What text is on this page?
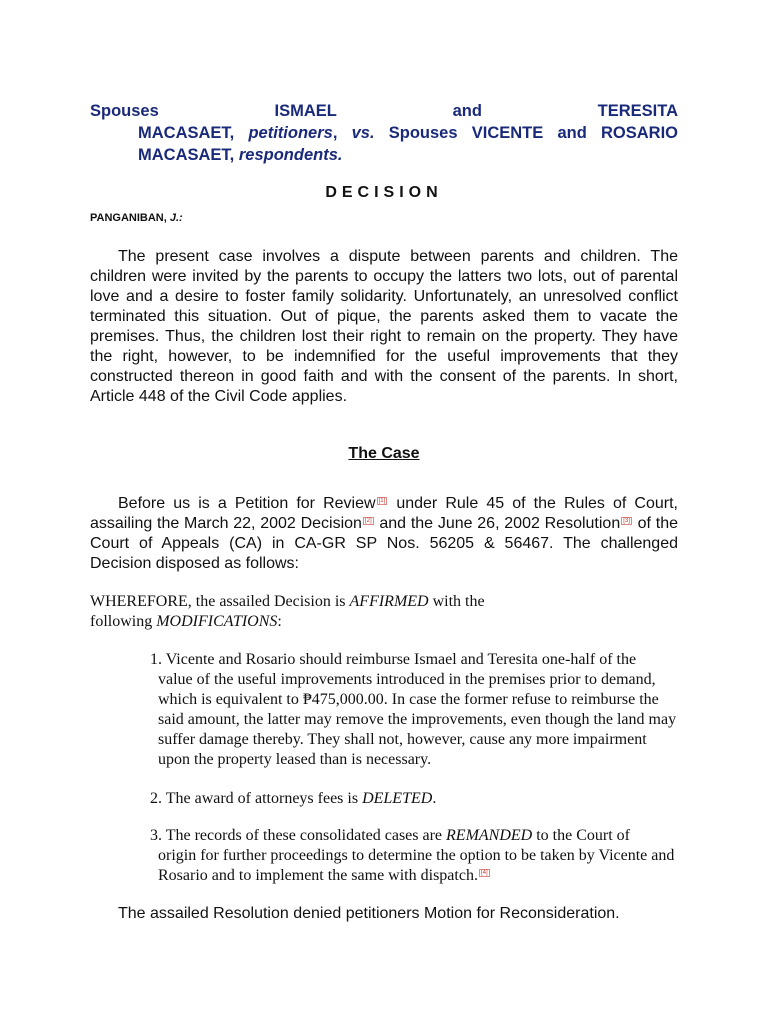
Spouses	ISMAEL	and	TERESITA
MACASAET, petitioners, vs. Spouses VICENTE and ROSARIO
MACASAET, respondents.
DECISION
PANGANIBAN, J.:
The present case involves a dispute between parents and children. The children were invited by the parents to occupy the latters two lots, out of parental love and a desire to foster family solidarity. Unfortunately, an unresolved conflict terminated this situation. Out of pique, the parents asked them to vacate the premises. Thus, the children lost their right to remain on the property. They have the right, however, to be indemnified for the useful improvements that they constructed thereon in good faith and with the consent of the parents. In short, Article 448 of the Civil Code applies.
The Case
Before us is a Petition for Review [1] under Rule 45 of the Rules of Court, assailing the March 22, 2002 Decision [2] and the June 26, 2002 Resolution [3] of the Court of Appeals (CA) in CA-GR SP Nos. 56205 & 56467. The challenged Decision disposed as follows:
WHEREFORE, the assailed Decision is AFFIRMED with the following MODIFICATIONS:
1. Vicente and Rosario should reimburse Ismael and Teresita one-half of the
value of the useful improvements introduced in the premises prior to demand, which is equivalent to ₱475,000.00. In case the former refuse to reimburse the said amount, the latter may remove the improvements, even though the land may suffer damage thereby. They shall not, however, cause any more impairment upon the property leased than is necessary.
2. The award of attorneys fees is DELETED.
3. The records of these consolidated cases are REMANDED to the Court of
origin for further proceedings to determine the option to be taken by Vicente and Rosario and to implement the same with dispatch. [4]
The assailed Resolution denied petitioners Motion for Reconsideration.
